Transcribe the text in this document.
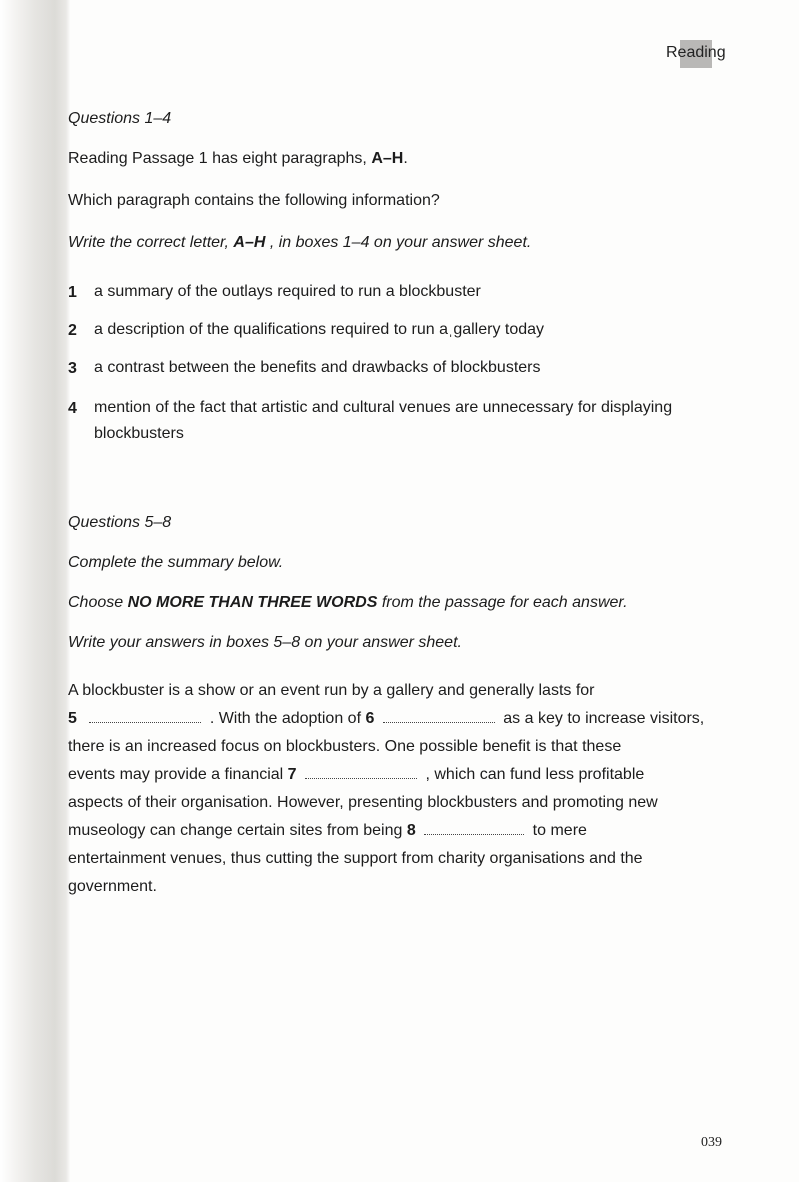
Reading
Questions 1–4
Reading Passage 1 has eight paragraphs, A–H.
Which paragraph contains the following information?
Write the correct letter, A–H , in boxes 1–4 on your answer sheet.
1 a summary of the outlays required to run a blockbuster
2 a description of the qualifications required to run aˌgallery today
3 a contrast between the benefits and drawbacks of blockbusters
4 mention of the fact that artistic and cultural venues are unnecessary for displaying blockbusters
Questions 5–8
Complete the summary below.
Choose NO MORE THAN THREE WORDS from the passage for each answer.
Write your answers in boxes 5–8 on your answer sheet.
A blockbuster is a show or an event run by a gallery and generally lasts for
5	. With the adoption of 6	as a key to increase visitors,
there is an increased focus on blockbusters. One possible benefit is that these
events may provide a financial 7	, which can fund less profitable
aspects of their organisation. However, presenting blockbusters and promoting new
museology can change certain sites from being 8	to mere
entertainment venues, thus cutting the support from charity organisations and the
government.
039
